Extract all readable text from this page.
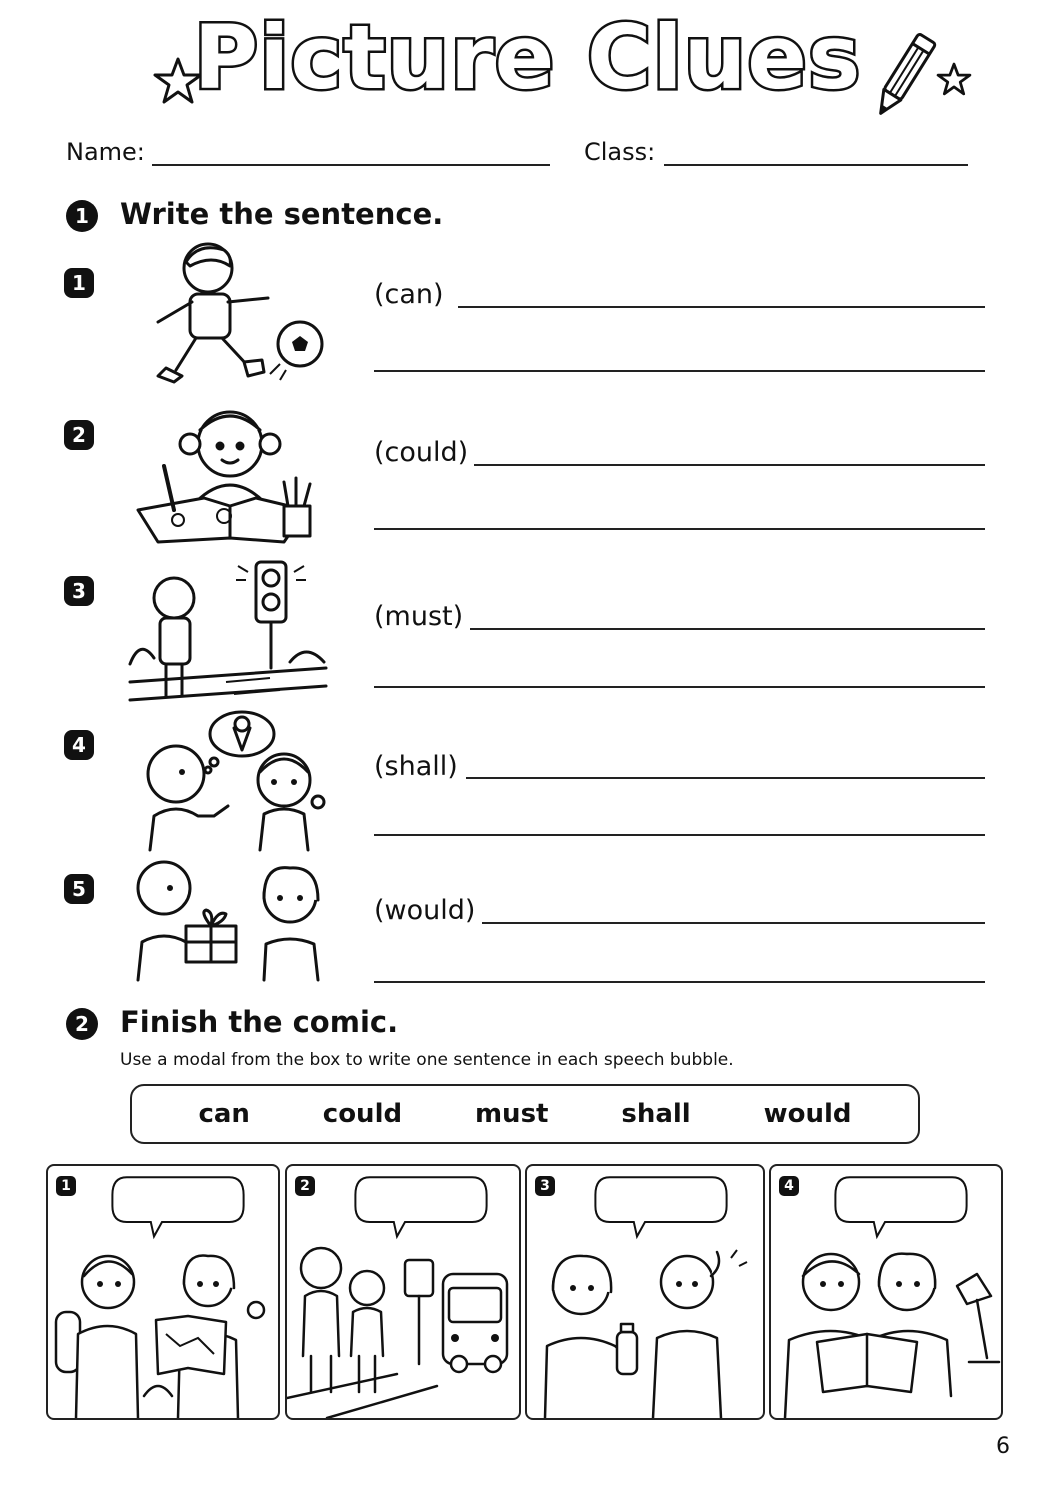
Picture Clues
Name:	Class:
1	Write the sentence.
1	(can)
2
(could)
3
(must)
4
(shall)
5
(would)
2	Finish the comic.
Use a modal from the box to write one sentence in each speech bubble.
can	could	must	shall	would
1	2	3	4
6
